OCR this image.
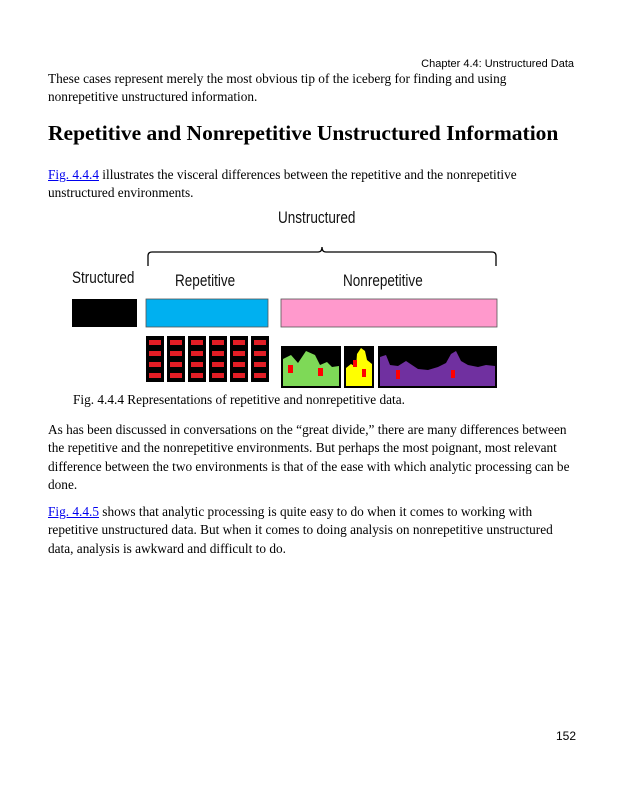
Chapter 4.4: Unstructured Data

These cases represent merely the most obvious tip of the iceberg for finding and using nonrepetitive unstructured information.

Repetitive and Nonrepetitive Unstructured Information

Fig. 4.4.4 illustrates the visceral differences between the repetitive and the nonrepetitive unstructured environments.

Unstructured
Structured Repetitive	Nonrepetitive
Fig. 4.4.4 Representations of repetitive and nonrepetitive data.

As has been discussed in conversations on the “great divide,” there are many differences between the repetitive and the nonrepetitive environments. But perhaps the most poignant, most relevant difference between the two environments is that of the ease with which analytic processing can be done.

Fig. 4.4.5 shows that analytic processing is quite easy to do when it comes to working with repetitive unstructured data. But when it comes to doing analysis on nonrepetitive unstructured data, analysis is awkward and difficult to do.

152
